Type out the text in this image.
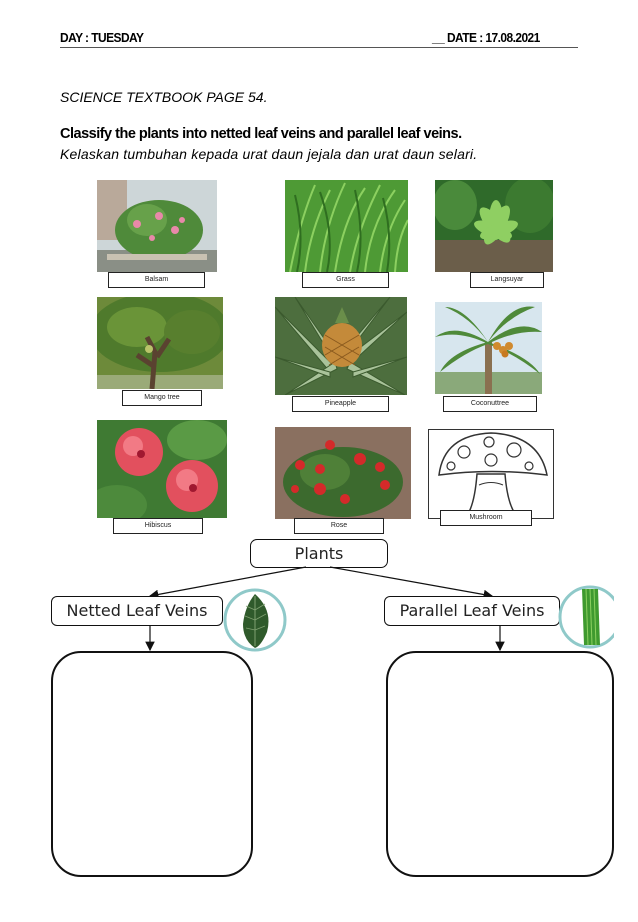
DAY : TUESDAY	__ DATE : 17.08.2021
SCIENCE TEXTBOOK PAGE 54.
Classify the plants into netted leaf veins and parallel leaf veins.
Kelaskan tumbuhan kepada urat daun jejala dan urat daun selari.
Balsam	Grass	Langsuyar
Mango tree
Pineapple	Coconuttree
Hibiscus	Rose
Mushroom
Plants
Netted Leaf Veins	Parallel Leaf Veins
